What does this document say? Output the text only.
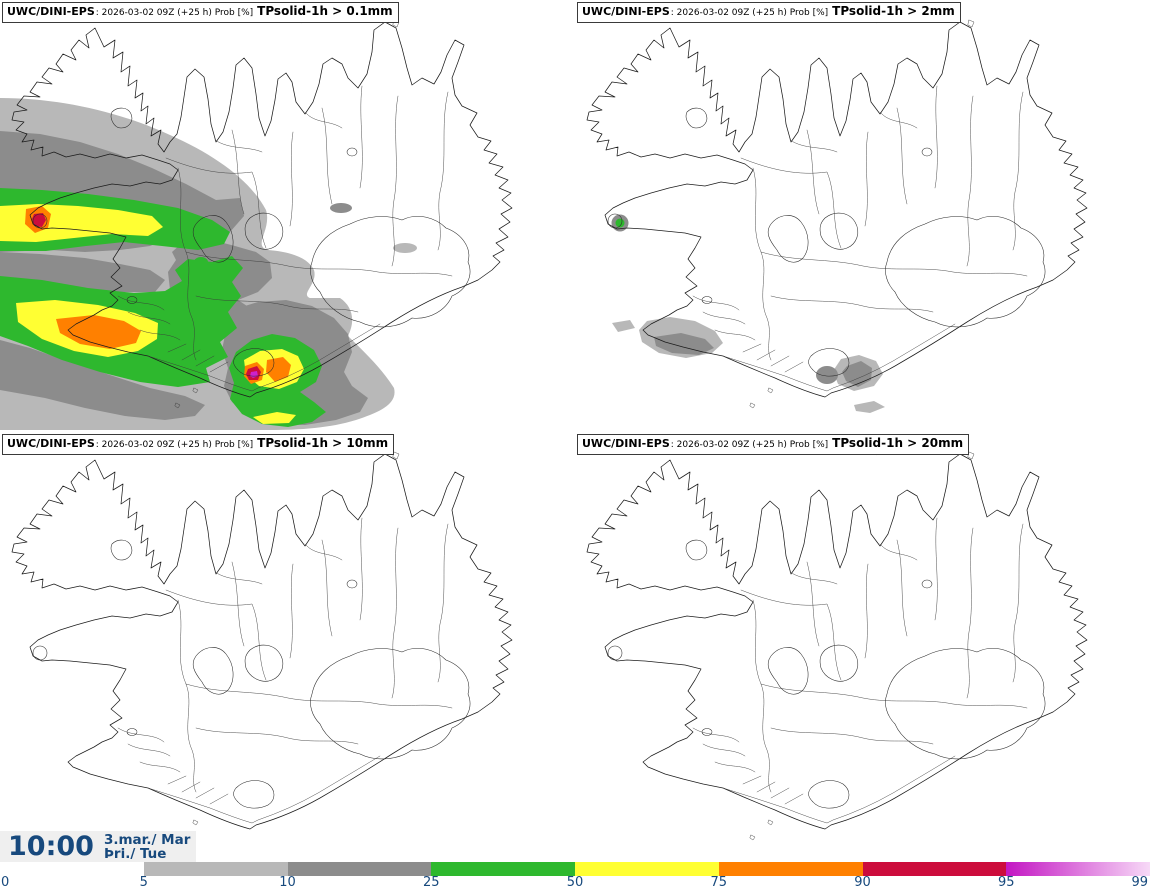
UWC/DINI-EPS : 2026-03-02 09Z (+25 h) Prob [%] TPsolid-1h > 0.1mm	UWC/DINI-EPS : 2026-03-02 09Z (+25 h) Prob [%] TPsolid-1h > 2mm
UWC/DINI-EPS : 2026-03-02 09Z (+25 h) Prob [%] TPsolid-1h > 10mm	UWC/DINI-EPS : 2026-03-02 09Z (+25 h) Prob [%] TPsolid-1h > 20mm
10:00 3.mar./ Mar
Þri./ Tue
0	5	10	25	50	75	90	95	99
